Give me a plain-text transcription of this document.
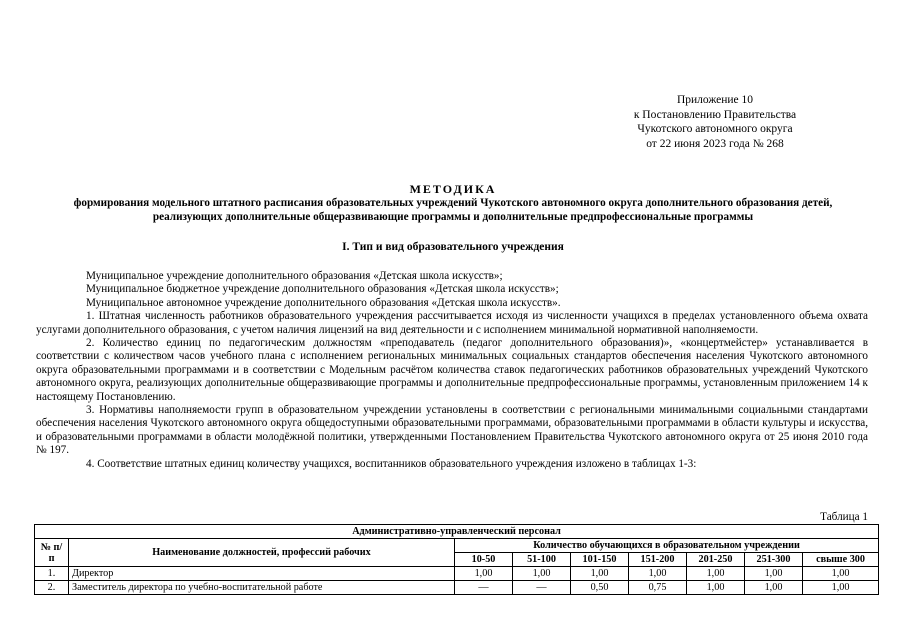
Приложение 10
к Постановлению Правительства
Чукотского автономного округа
от 22 июня 2023 года № 268
МЕТОДИКА
формирования модельного штатного расписания образовательных учреждений Чукотского автономного округа дополнительного образования детей, реализующих дополнительные общеразвивающие программы и дополнительные предпрофессиональные программы
I. Тип и вид образовательного учреждения

Муниципальное учреждение дополнительного образования «Детская школа искусств»;

Муниципальное бюджетное учреждение дополнительного образования «Детская школа искусств»;

Муниципальное автономное учреждение дополнительного образования «Детская школа искусств».

1. Штатная численность работников образовательного учреждения рассчитывается исходя из численности учащихся в пределах установленного объема охвата услугами дополнительного образования, с учетом наличия лицензий на вид деятельности и с исполнением минимальной нормативной наполняемости.

2. Количество единиц по педагогическим должностям «преподаватель (педагог дополнительного образования)», «концертмейстер» устанавливается в соответствии с количеством часов учебного плана с исполнением региональных минимальных социальных стандартов обеспечения населения Чукотского автономного округа образовательными программами и в соответствии с Модельным расчётом количества ставок педагогических работников образовательных учреждений Чукотского автономного округа, реализующих дополнительные общеразвивающие программы и дополнительные предпрофессиональные программы, установленным приложением 14 к настоящему Постановлению.

3. Нормативы наполняемости групп в образовательном учреждении установлены в соответствии с региональными минимальными социальными стандартами обеспечения населения Чукотского автономного округа общедоступными образовательными программами, образовательными программами в области культуры и искусства, и образовательными программами в области молодёжной политики, утвержденными Постановлением Правительства Чукотского автономного округа от 25 июня 2010 года № 197.

4. Соответствие штатных единиц количеству учащихся, воспитанников образовательного учреждения изложено в таблицах 1-3:

Таблица 1
Административно-управленческий персонал								
№ п/п	Наименование должностей, профессий рабочих	Количество обучающихся в образовательном учреждении						
		10-50	51-100	101-150	151-200	201-250	251-300	свыше 300
1.	Директор	1,00	1,00	1,00	1,00	1,00	1,00	1,00
2.	Заместитель директора по учебно-воспитательной работе	—	—	0,50	0,75	1,00	1,00	1,00
